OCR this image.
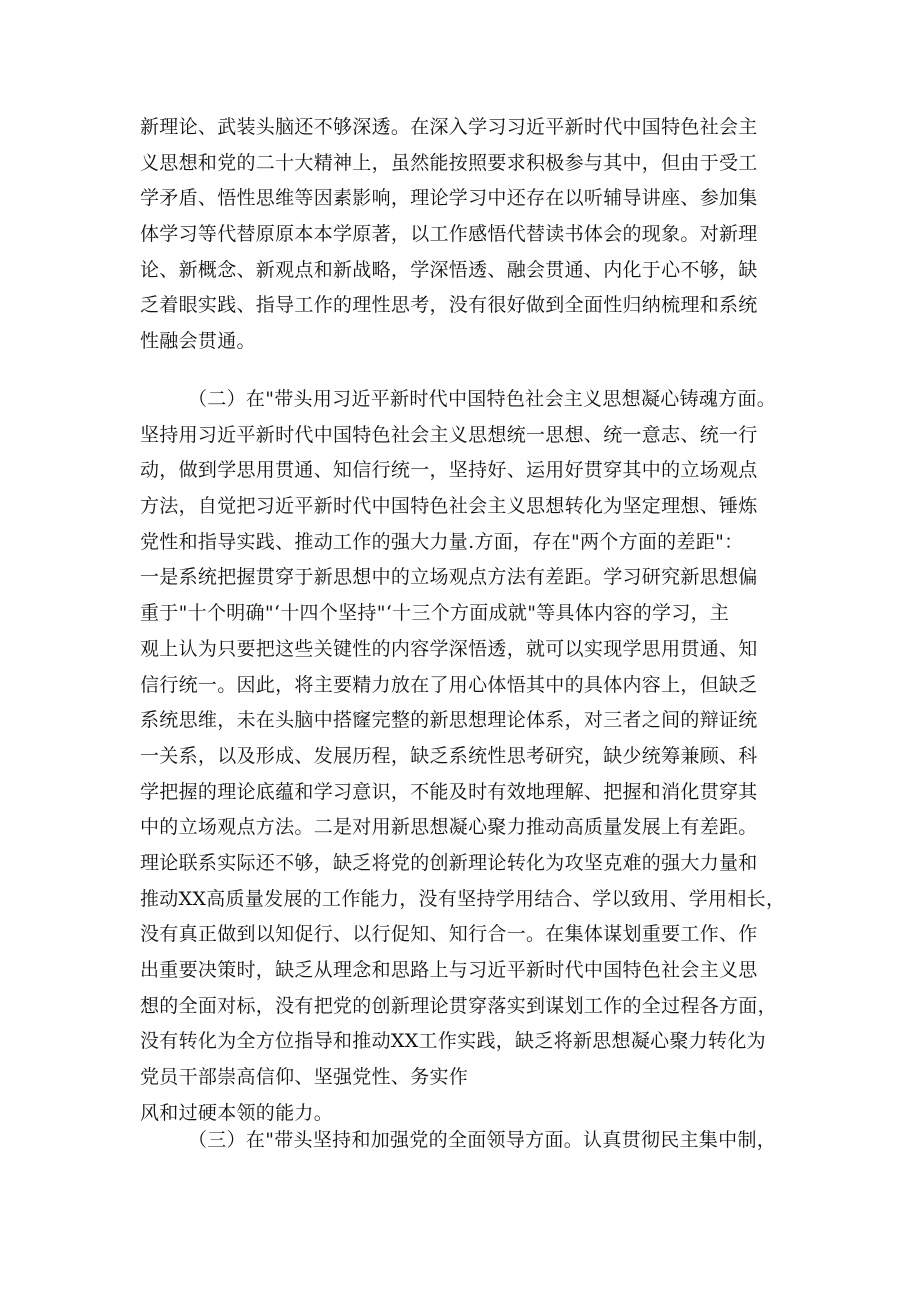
新理论、武装头脑还不够深透。在深入学习习近平新时代中国特色社会主
义思想和党的二十大精神上，虽然能按照要求积极参与其中，但由于受工
学矛盾、悟性思维等因素影响，理论学习中还存在以听辅导讲座、参加集
体学习等代替原原本本学原著，以工作感悟代替读书体会的现象。对新理
论、新概念、新观点和新战略，学深悟透、融会贯通、内化于心不够，缺
乏着眼实践、指导工作的理性思考，没有很好做到全面性归纳梳理和系统
性融会贯通。
（二）在"带头用习近平新时代中国特色社会主义思想凝心铸魂方面。
坚持用习近平新时代中国特色社会主义思想统一思想、统一意志、统一行
动，做到学思用贯通、知信行统一，坚持好、运用好贯穿其中的立场观点
方法，自觉把习近平新时代中国特色社会主义思想转化为坚定理想、锤炼
党性和指导实践、推动工作的强大力量.方面，存在"两个方面的差距"：
一是系统把握贯穿于新思想中的立场观点方法有差距。学习研究新思想偏
重于"十个明确"‘十四个坚持"‘十三个方面成就"等具体内容的学习，主
观上认为只要把这些关键性的内容学深悟透，就可以实现学思用贯通、知
信行统一。因此，将主要精力放在了用心体悟其中的具体内容上，但缺乏
系统思维，未在头脑中搭窿完整的新思想理论体系，对三者之间的辩证统
一关系，以及形成、发展历程，缺乏系统性思考研究，缺少统筹兼顾、科
学把握的理论底蕴和学习意识，不能及时有效地理解、把握和消化贯穿其
中的立场观点方法。二是对用新思想凝心聚力推动高质量发展上有差距。
理论联系实际还不够，缺乏将党的创新理论转化为攻坚克难的强大力量和
推动XX高质量发展的工作能力，没有坚持学用结合、学以致用、学用相长，
没有真正做到以知促行、以行促知、知行合一。在集体谋划重要工作、作
出重要决策时，缺乏从理念和思路上与习近平新时代中国特色社会主义思
想的全面对标，没有把党的创新理论贯穿落实到谋划工作的全过程各方面，
没有转化为全方位指导和推动XX工作实践，缺乏将新思想凝心聚力转化为
党员干部崇高信仰、坚强党性、务实作
风和过硬本领的能力。
（三）在"带头坚持和加强党的全面领导方面。认真贯彻民主集中制，
